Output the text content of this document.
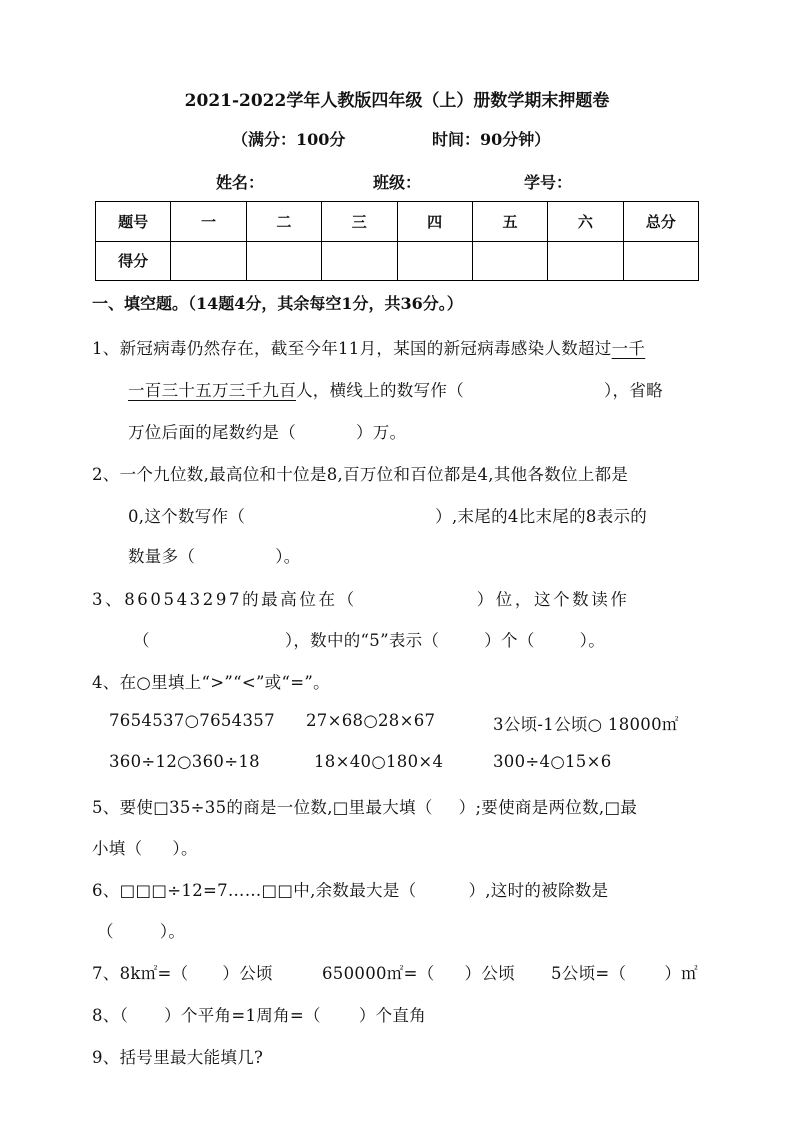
2021-2022学年人教版四年级（上）册数学期末押题卷
（满分：100分	时间：90分钟）
姓名：	班级：	学号：
题号	一	二	三	四	五	六	总分
得分							
一、填空题。（14题4分，其余每空1分，共36分。）
1、新冠病毒仍然存在，截至今年11月，某国的新冠病毒感染人数超过一千
一百三十五万三千九百人，横线上的数写作（	），省略
万位后面的尾数约是（	）万。
2、一个九位数,最高位和十位是8,百万位和百位都是4,其他各数位上都是
0,这个数写作（	）,末尾的4比末尾的8表示的
数量多（	）。
3、860543297的最高位在（	）位，这个数读作
（	），数中的“5”表示（	）个（	）。
4、在○里填上“>”“<”或“=”。
7654537○7654357 27×68○28×67	3公顷-1公顷○ 18000㎡
360÷12○360÷18	18×40○180×4	300÷4○15×6
5、要使□35÷35的商是一位数,□里最大填（ ）;要使商是两位数,□最
小填（ ）。
6、□□□÷12=7……□□中,余数最大是（	）,这时的被除数是
（	）。
7、8k㎡=（ ）公顷	650000㎡=（ ）公顷 5公顷=（ ）㎡
8、（ ）个平角=1周角=（ ）个直角
9、括号里最大能填几?
